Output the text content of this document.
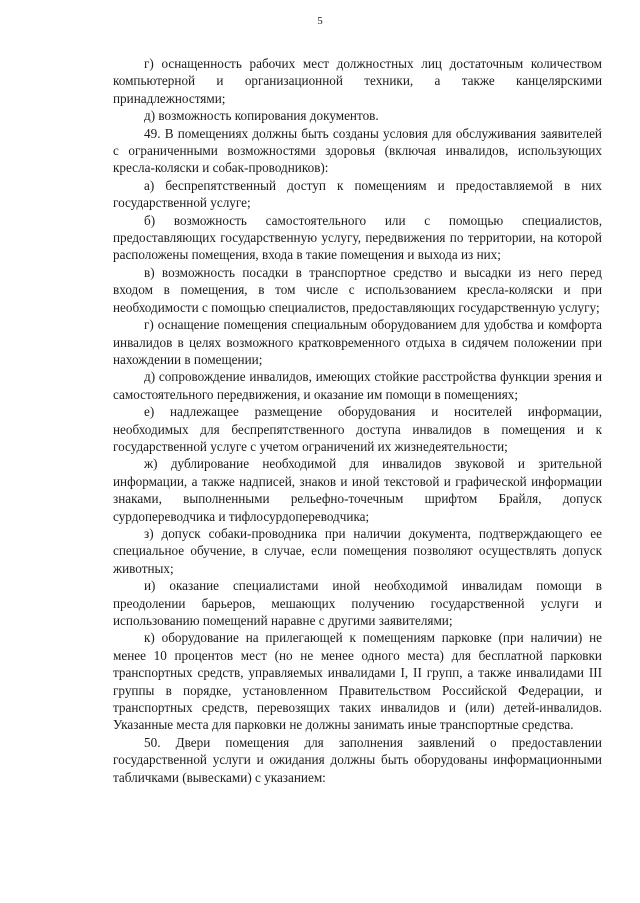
5

г) оснащенность рабочих мест должностных лиц достаточным количеством компьютерной и организационной техники, а также канцелярскими принадлежностями;

д) возможность копирования документов.

49. В помещениях должны быть созданы условия для обслуживания заявителей с ограниченными возможностями здоровья (включая инвалидов, использующих кресла-коляски и собак-проводников):

а) беспрепятственный доступ к помещениям и предоставляемой в них государственной услуге;

б) возможность самостоятельного или с помощью специалистов, предоставляющих государственную услугу, передвижения по территории, на которой расположены помещения, входа в такие помещения и выхода из них;

в) возможность посадки в транспортное средство и высадки из него перед входом в помещения, в том числе с использованием кресла-коляски и при необходимости с помощью специалистов, предоставляющих государственную услугу;

г) оснащение помещения специальным оборудованием для удобства и комфорта инвалидов в целях возможного кратковременного отдыха в сидячем положении при нахождении в помещении;

д) сопровождение инвалидов, имеющих стойкие расстройства функции зрения и самостоятельного передвижения, и оказание им помощи в помещениях;

е) надлежащее размещение оборудования и носителей информации, необходимых для беспрепятственного доступа инвалидов в помещения и к государственной услуге с учетом ограничений их жизнедеятельности;

ж) дублирование необходимой для инвалидов звуковой и зрительной информации, а также надписей, знаков и иной текстовой и графической информации знаками, выполненными рельефно-точечным шрифтом Брайля, допуск сурдопереводчика и тифлосурдопереводчика;

з) допуск собаки-проводника при наличии документа, подтверждающего ее специальное обучение, в случае, если помещения позволяют осуществлять допуск животных;

и) оказание специалистами иной необходимой инвалидам помощи в преодолении барьеров, мешающих получению государственной услуги и использованию помещений наравне с другими заявителями;

к) оборудование на прилегающей к помещениям парковке (при наличии) не менее 10 процентов мест (но не менее одного места) для бесплатной парковки транспортных средств, управляемых инвалидами I, II групп, а также инвалидами III группы в порядке, установленном Правительством Российской Федерации, и транспортных средств, перевозящих таких инвалидов и (или) детей-инвалидов. Указанные места для парковки не должны занимать иные транспортные средства.

50. Двери помещения для заполнения заявлений о предоставлении государственной услуги и ожидания должны быть оборудованы информационными табличками (вывесками) с указанием:
